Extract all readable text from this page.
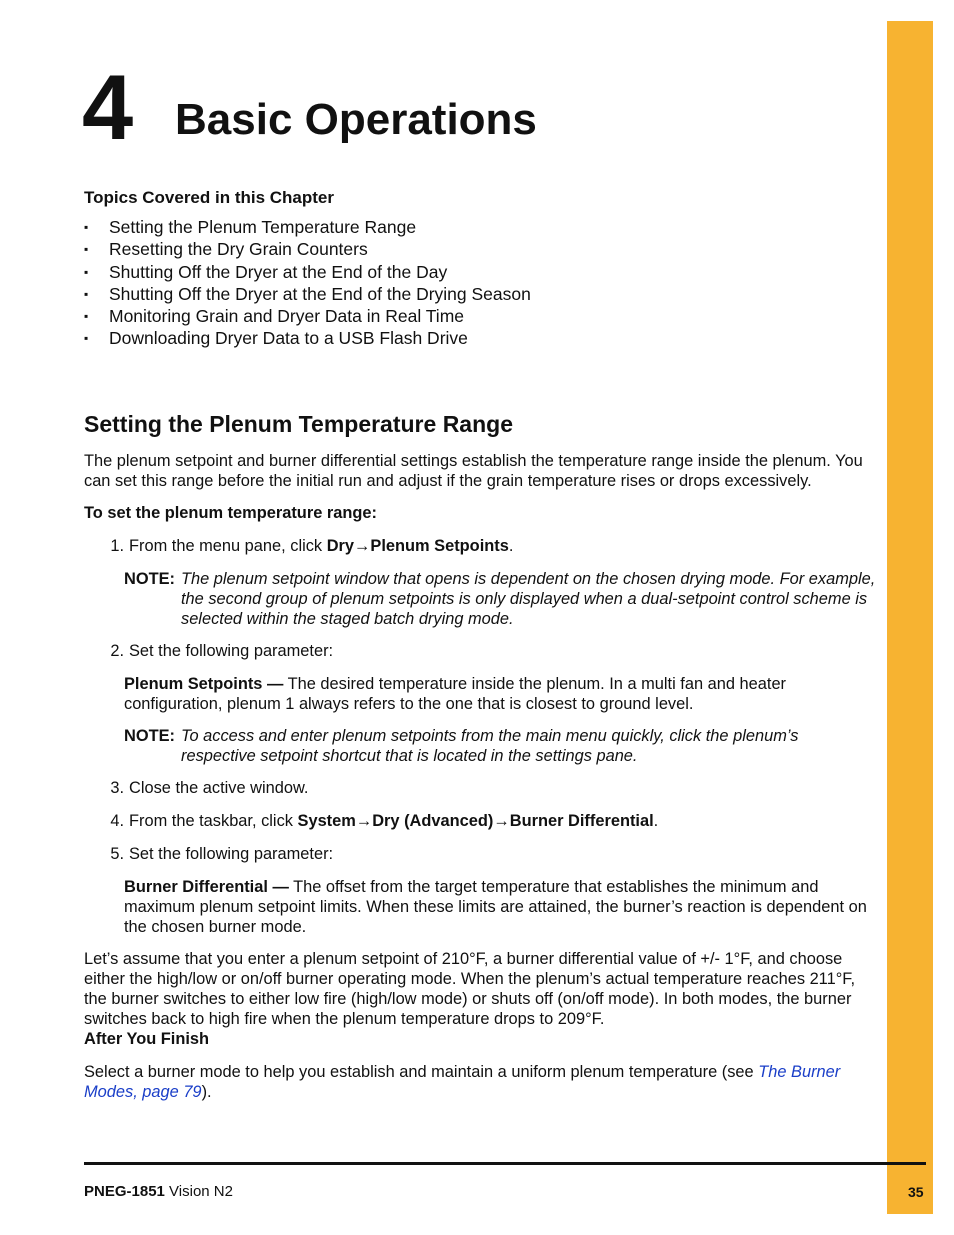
4 Basic Operations
Topics Covered in this Chapter
▪ Setting the Plenum Temperature Range
▪ Resetting the Dry Grain Counters
▪ Shutting Off the Dryer at the End of the Day
▪ Shutting Off the Dryer at the End of the Drying Season
▪ Monitoring Grain and Dryer Data in Real Time
▪ Downloading Dryer Data to a USB Flash Drive
Setting the Plenum Temperature Range

The plenum setpoint and burner differential settings establish the temperature range inside the plenum. You can set this range before the initial run and adjust if the grain temperature rises or drops excessively.

To set the plenum temperature range:
1. From the menu pane, click Dry→Plenum Setpoints.
NOTE: The plenum setpoint window that opens is dependent on the chosen drying mode. For example, the second group of plenum setpoints is only displayed when a dual-setpoint control scheme is selected within the staged batch drying mode.
2. Set the following parameter:

Plenum Setpoints — The desired temperature inside the plenum. In a multi fan and heater configuration, plenum 1 always refers to the one that is closest to ground level.

NOTE: To access and enter plenum setpoints from the main menu quickly, click the plenum’s respective setpoint shortcut that is located in the settings pane.
3. Close the active window.
4. From the taskbar, click System→Dry (Advanced)→Burner Differential.
5. Set the following parameter:

Burner Differential — The offset from the target temperature that establishes the minimum and maximum plenum setpoint limits. When these limits are attained, the burner’s reaction is dependent on the chosen burner mode.

Let’s assume that you enter a plenum setpoint of 210°F, a burner differential value of +/- 1°F, and choose either the high/low or on/off burner operating mode. When the plenum’s actual temperature reaches 211°F, the burner switches to either low fire (high/low mode) or shuts off (on/off mode). In both modes, the burner switches back to high fire when the plenum temperature drops to 209°F.

After You Finish

Select a burner mode to help you establish and maintain a uniform plenum temperature (see The Burner Modes, page 79).

PNEG-1851 Vision N2	35
